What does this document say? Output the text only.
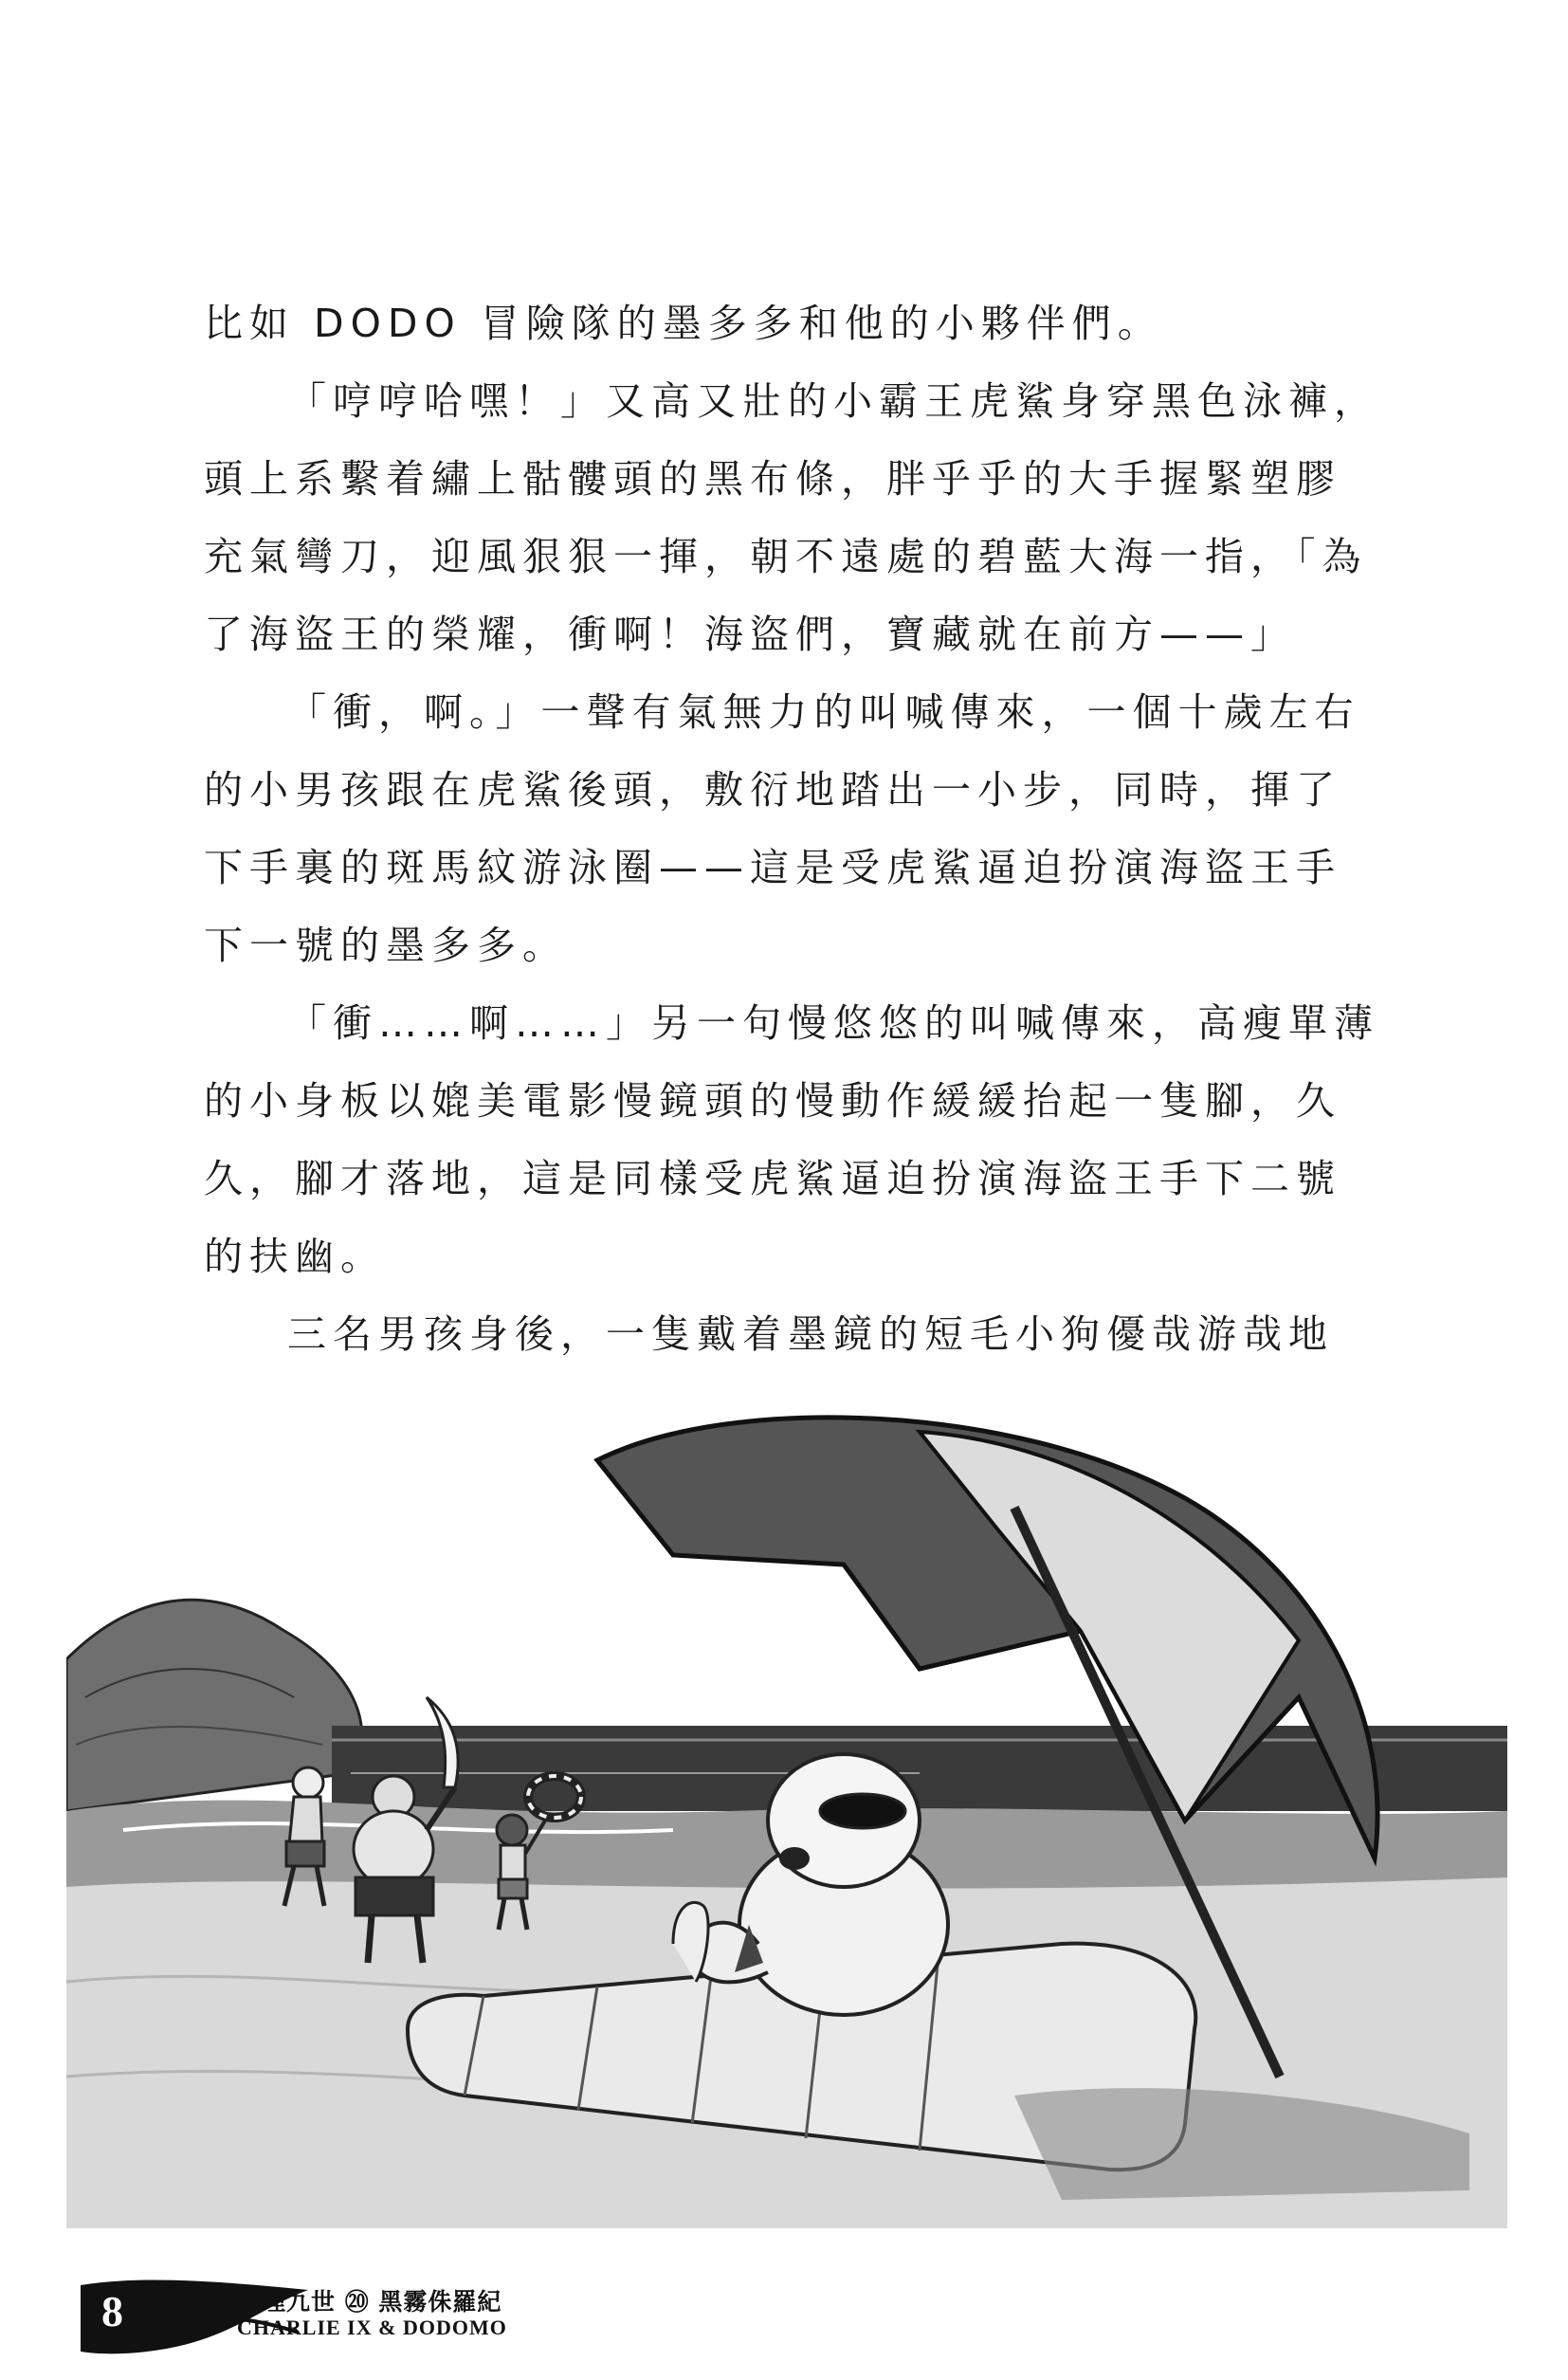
比如 DODO 冒險隊的墨多多和他的小夥伴們。

「哼哼哈嘿！」又高又壯的小霸王虎鯊身穿黑色泳褲，
頭上系繫着繡上骷髏頭的黑布條，胖乎乎的大手握緊塑膠
充氣彎刀，迎風狠狠一揮，朝不遠處的碧藍大海一指，「為
了海盜王的榮耀，衝啊！海盜們，寶藏就在前方——」

「衝，啊。」一聲有氣無力的叫喊傳來，一個十歲左右
的小男孩跟在虎鯊後頭，敷衍地踏出一小步，同時，揮了
下手裏的斑馬紋游泳圈——這是受虎鯊逼迫扮演海盜王手
下一號的墨多多。

「衝……啊……」另一句慢悠悠的叫喊傳來，高瘦單薄
的小身板以媲美電影慢鏡頭的慢動作緩緩抬起一隻腳，久
久，腳才落地，這是同樣受虎鯊逼迫扮演海盜王手下二號
的扶幽。

三名男孩身後，一隻戴着墨鏡的短毛小狗優哉游哉地

8	查理九世 ⑳ 黑霧侏羅紀
CHARLIE IX & DODOMO
